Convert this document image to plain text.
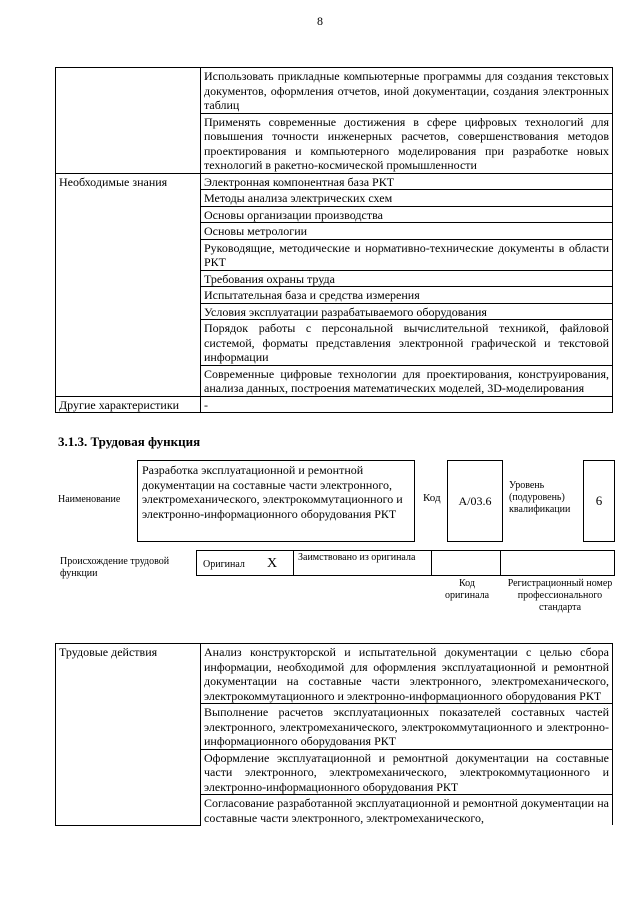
8
	Использовать прикладные компьютерные программы для создания текстовых документов, оформления отчетов, иной документации, создания электронных таблиц
	Применять современные достижения в сфере цифровых технологий для повышения точности инженерных расчетов, совершенствования методов проектирования и компьютерного моделирования при разработке новых технологий в ракетно-космической промышленности
Необходимые знания	Электронная компонентная база РКТ
	Методы анализа электрических схем
	Основы организации производства
	Основы метрологии
	Руководящие, методические и нормативно-технические документы в области РКТ
	Требования охраны труда
	Испытательная база и средства измерения
	Условия эксплуатации разрабатываемого оборудования
	Порядок работы с персональной вычислительной техникой, файловой системой, форматы представления электронной графической и текстовой информации
	Современные цифровые технологии для проектирования, конструирования, анализа данных, построения математических моделей, 3D-моделирования
Другие характеристики	-
3.1.3. Трудовая функция
Наименование
Разработка эксплуатационной и ремонтной документации на составные части электронного, электромеханического, электрокоммутационного и электронно-информационного оборудования РКТ
Код A/03.6
Уровень (подуровень) квалификации
6
Происхождение трудовой функции
Оригинал X Заимствовано из оригинала
Код оригинала
Регистрационный номер профессионального стандарта
Трудовые действия	Анализ конструкторской и испытательной документации с целью сбора информации, необходимой для оформления эксплуатационной и ремонтной документации на составные части электронного, электромеханического, электрокоммутационного и электронно-информационного оборудования РКТ
Выполнение расчетов эксплуатационных показателей составных частей электронного, электромеханического, электрокоммутационного и электронно-информационного оборудования РКТ
Оформление эксплуатационной и ремонтной документации на составные части электронного, электромеханического, электрокоммутационного и электронно-информационного оборудования РКТ
Согласование разработанной эксплуатационной и ремонтной документации на составные части электронного, электромеханического,
